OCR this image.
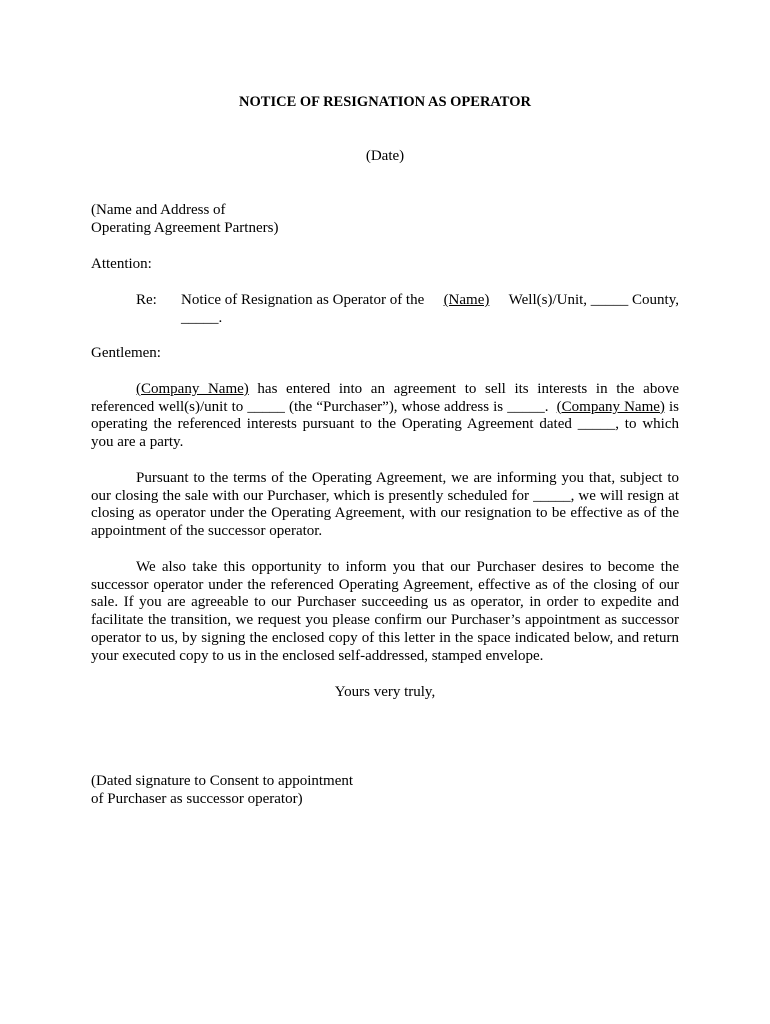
NOTICE OF RESIGNATION AS OPERATOR
(Date)
(Name and Address of
Operating Agreement Partners)
Attention:
Re: Notice of Resignation as Operator of the (Name) Well(s)/Unit, _____ County,
_____.
Gentlemen:
(Company Name) has entered into an agreement to sell its interests in the above
referenced well(s)/unit to _____ (the “Purchaser”), whose address is _____. (Company Name) is
operating the referenced interests pursuant to the Operating Agreement dated _____, to which
you are a party.
Pursuant to the terms of the Operating Agreement, we are informing you that, subject to
our closing the sale with our Purchaser, which is presently scheduled for _____, we will resign at
closing as operator under the Operating Agreement, with our resignation to be effective as of the
appointment of the successor operator.
We also take this opportunity to inform you that our Purchaser desires to become the
successor operator under the referenced Operating Agreement, effective as of the closing of our
sale. If you are agreeable to our Purchaser succeeding us as operator, in order to expedite and
facilitate the transition, we request you please confirm our Purchaser’s appointment as successor
operator to us, by signing the enclosed copy of this letter in the space indicated below, and return
your executed copy to us in the enclosed self-addressed, stamped envelope.
Yours very truly,
(Dated signature to Consent to appointment
of Purchaser as successor operator)
